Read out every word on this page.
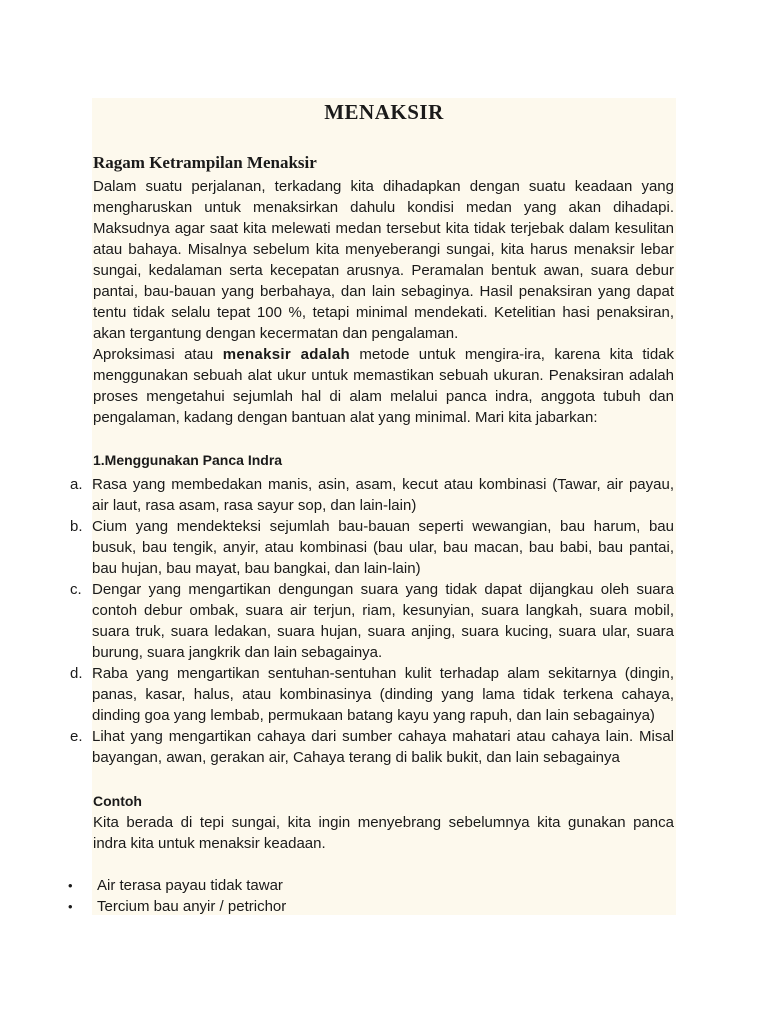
MENAKSIR
Ragam Ketrampilan Menaksir

Dalam suatu perjalanan, terkadang kita dihadapkan dengan suatu keadaan yang mengharuskan untuk menaksirkan dahulu kondisi medan yang akan dihadapi. Maksudnya agar saat kita melewati medan tersebut kita tidak terjebak dalam kesulitan atau bahaya. Misalnya sebelum kita menyeberangi sungai, kita harus menaksir lebar sungai, kedalaman serta kecepatan arusnya. Peramalan bentuk awan, suara debur pantai, bau-bauan yang berbahaya, dan lain sebaginya. Hasil penaksiran yang dapat tentu tidak selalu tepat 100 %, tetapi minimal mendekati. Ketelitian hasi penaksiran, akan tergantung dengan kecermatan dan pengalaman.

Aproksimasi atau menaksir adalah metode untuk mengira-ira, karena kita tidak menggunakan sebuah alat ukur untuk memastikan sebuah ukuran. Penaksiran adalah proses mengetahui sejumlah hal di alam melalui panca indra, anggota tubuh dan pengalaman, kadang dengan bantuan alat yang minimal. Mari kita jabarkan:

1.Menggunakan Panca Indra
a. Rasa yang membedakan manis, asin, asam, kecut atau kombinasi (Tawar, air payau, air laut, rasa asam, rasa sayur sop, dan lain-lain)
b. Cium yang mendekteksi sejumlah bau-bauan seperti wewangian, bau harum, bau busuk, bau tengik, anyir, atau kombinasi (bau ular, bau macan, bau babi, bau pantai, bau hujan, bau mayat, bau bangkai, dan lain-lain)
c. Dengar yang mengartikan dengungan suara yang tidak dapat dijangkau oleh suara contoh debur ombak, suara air terjun, riam, kesunyian, suara langkah, suara mobil, suara truk, suara ledakan, suara hujan, suara anjing, suara kucing, suara ular, suara burung, suara jangkrik dan lain sebagainya.
d. Raba yang mengartikan sentuhan-sentuhan kulit terhadap alam sekitarnya (dingin, panas, kasar, halus, atau kombinasinya (dinding yang lama tidak terkena cahaya, dinding goa yang lembab, permukaan batang kayu yang rapuh, dan lain sebagainya)
e. Lihat yang mengartikan cahaya dari sumber cahaya mahatari atau cahaya lain. Misal bayangan, awan, gerakan air, Cahaya terang di balik bukit, dan lain sebagainya
Contoh

Kita berada di tepi sungai, kita ingin menyebrang sebelumnya kita gunakan panca indra kita untuk menaksir keadaan.

• Air terasa payau tidak tawar
• Tercium bau anyir / petrichor
